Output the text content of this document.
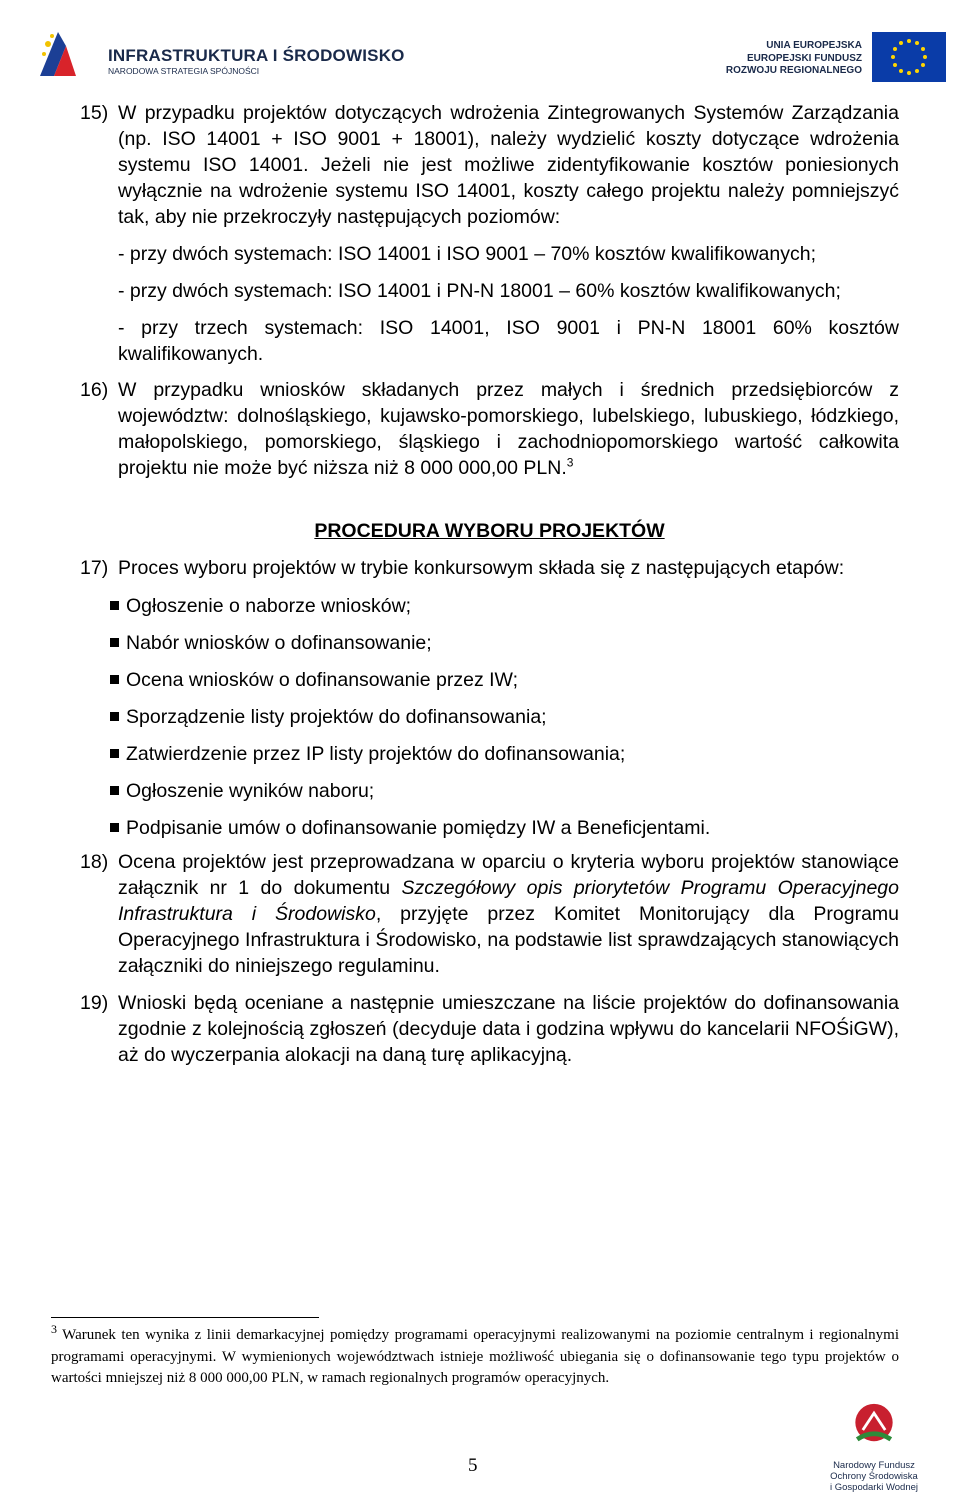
INFRASTRUKTURA I ŚRODOWISKO
NARODOWA STRATEGIA SPÓJNOŚCI
UNIA EUROPEJSKA
EUROPEJSKI FUNDUSZ
ROZWOJU REGIONALNEGO
15) W przypadku projektów dotyczących wdrożenia Zintegrowanych Systemów Zarządzania (np. ISO 14001 + ISO 9001 + 18001), należy wydzielić koszty dotyczące wdrożenia systemu ISO 14001. Jeżeli nie jest możliwe zidentyfikowanie kosztów poniesionych wyłącznie na wdrożenie systemu ISO 14001, koszty całego projektu należy pomniejszyć tak, aby nie przekroczyły następujących poziomów:
- przy dwóch systemach: ISO 14001 i ISO 9001 – 70% kosztów kwalifikowanych;
- przy dwóch systemach: ISO 14001 i PN-N 18001 – 60% kosztów kwalifikowanych;
- przy trzech systemach: ISO 14001, ISO 9001 i PN-N 18001 60% kosztów kwalifikowanych.
16) W przypadku wniosków składanych przez małych i średnich przedsiębiorców z województw: dolnośląskiego, kujawsko-pomorskiego, lubelskiego, lubuskiego, łódzkiego, małopolskiego, pomorskiego, śląskiego i zachodniopomorskiego wartość całkowita projektu nie może być niższa niż 8 000 000,00 PLN.$^3$
PROCEDURA WYBORU PROJEKTÓW
17) Proces wyboru projektów w trybie konkursowym składa się z następujących etapów:
Ogłoszenie o naborze wniosków;
Nabór wniosków o dofinansowanie;
Ocena wniosków o dofinansowanie przez IW;
Sporządzenie listy projektów do dofinansowania;
Zatwierdzenie przez IP listy projektów do dofinansowania;
Ogłoszenie wyników naboru;
Podpisanie umów o dofinansowanie pomiędzy IW a Beneficjentami.
18) Ocena projektów jest przeprowadzana w oparciu o kryteria wyboru projektów stanowiące załącznik nr 1 do dokumentu Szczegółowy opis priorytetów Programu Operacyjnego Infrastruktura i Środowisko, przyjęte przez Komitet Monitorujący dla Programu Operacyjnego Infrastruktura i Środowisko, na podstawie list sprawdzających stanowiących załączniki do niniejszego regulaminu.
19) Wnioski będą oceniane a następnie umieszczane na liście projektów do dofinansowania zgodnie z kolejnością zgłoszeń (decyduje data i godzina wpływu do kancelarii NFOŚiGW), aż do wyczerpania alokacji na daną turę aplikacyjną.
$^3$ Warunek ten wynika z linii demarkacyjnej pomiędzy programami operacyjnymi realizowanymi na poziomie centralnym i regionalnymi programami operacyjnymi. W wymienionych województwach istnieje możliwość ubiegania się o dofinansowanie tego typu projektów o wartości mniejszej niż 8 000 000,00 PLN, w ramach regionalnych programów operacyjnych.
5	Narodowy Fundusz
Ochrony Środowiska
i Gospodarki Wodnej
